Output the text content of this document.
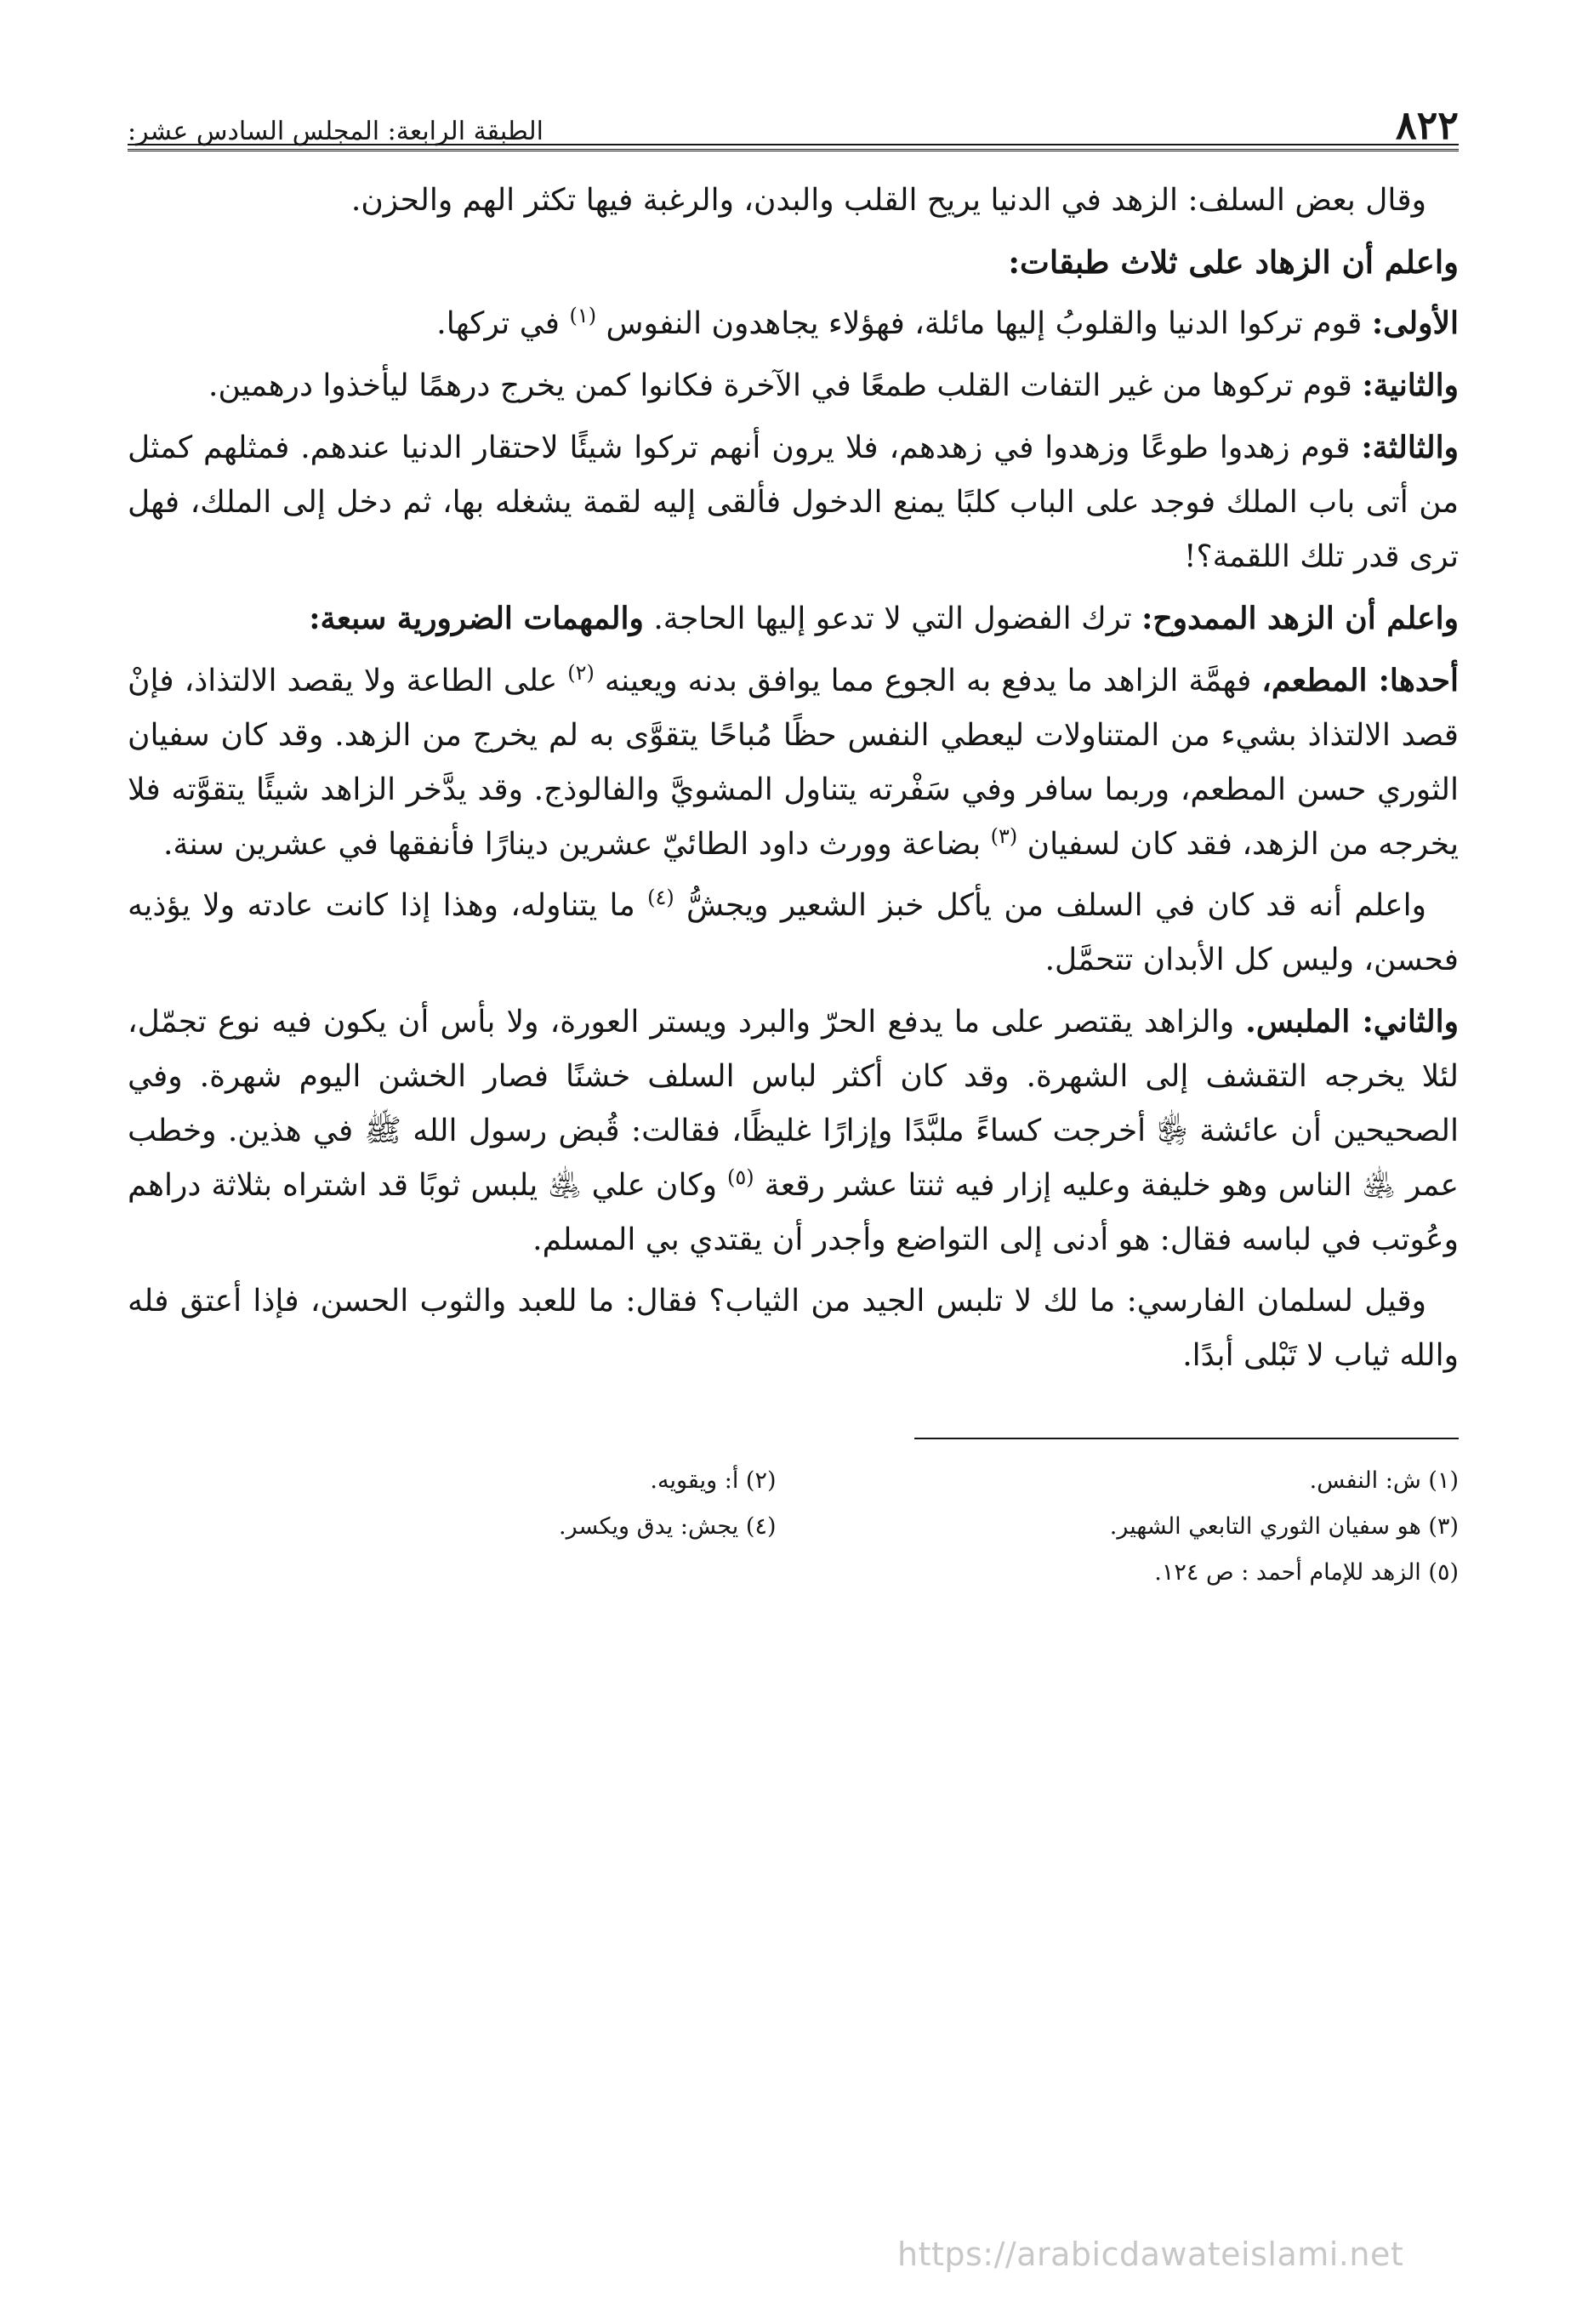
٨٢٢
الطبقة الرابعة: المجلس السادس عشر:

وقال بعض السلف: الزهد في الدنيا يريح القلب والبدن، والرغبة فيها تكثر الهم والحزن.

واعلم أن الزهاد على ثلاث طبقات:

الأولى: قوم تركوا الدنيا والقلوبُ إليها مائلة، فهؤلاء يجاهدون النفوس $^{(١)}$ في تركها.

والثانية: قوم تركوها من غير التفات القلب طمعًا في الآخرة فكانوا كمن يخرج درهمًا ليأخذوا درهمين.

والثالثة: قوم زهدوا طوعًا وزهدوا في زهدهم، فلا يرون أنهم تركوا شيئًا لاحتقار الدنيا عندهم. فمثلهم كمثل من أتى باب الملك فوجد على الباب كلبًا يمنع الدخول فألقى إليه لقمة يشغله بها، ثم دخل إلى الملك، فهل ترى قدر تلك اللقمة؟!

واعلم أن الزهد الممدوح: ترك الفضول التي لا تدعو إليها الحاجة. والمهمات الضرورية سبعة:

أحدها: المطعم، فهمَّة الزاهد ما يدفع به الجوع مما يوافق بدنه ويعينه $^{(٢)}$ على الطاعة ولا يقصد الالتذاذ، فإنْ قصد الالتذاذ بشيء من المتناولات ليعطي النفس حظًا مُباحًا يتقوَّى به لم يخرج من الزهد. وقد كان سفيان الثوري حسن المطعم، وربما سافر وفي سَفْرته يتناول المشويَّ والفالوذج. وقد يدَّخر الزاهد شيئًا يتقوَّته فلا يخرجه من الزهد، فقد كان لسفيان $^{(٣)}$ بضاعة وورث داود الطائيّ عشرين دينارًا فأنفقها في عشرين سنة.

واعلم أنه قد كان في السلف من يأكل خبز الشعير ويجشُّ $^{(٤)}$ ما يتناوله، وهذا إذا كانت عادته ولا يؤذيه فحسن، وليس كل الأبدان تتحمَّل.

والثاني: الملبس. والزاهد يقتصر على ما يدفع الحرّ والبرد ويستر العورة، ولا بأس أن يكون فيه نوع تجمّل، لئلا يخرجه التقشف إلى الشهرة. وقد كان أكثر لباس السلف خشنًا فصار الخشن اليوم شهرة. وفي الصحيحين أن عائشة ﵂ أخرجت كساءً ملبَّدًا وإزارًا غليظًا، فقالت: قُبض رسول الله ﷺ في هذين. وخطب عمر ﵁ الناس وهو خليفة وعليه إزار فيه ثنتا عشر رقعة $^{(٥)}$ وكان علي ﵁ يلبس ثوبًا قد اشتراه بثلاثة دراهم وعُوتب في لباسه فقال: هو أدنى إلى التواضع وأجدر أن يقتدي بي المسلم.

وقيل لسلمان الفارسي: ما لك لا تلبس الجيد من الثياب؟ فقال: ما للعبد والثوب الحسن، فإذا أعتق فله والله ثياب لا تَبْلى أبدًا.

(١) ش: النفس.
(٢) أ: ويقويه.
(٣) هو سفيان الثوري التابعي الشهير.
(٤) يجش: يدق ويكسر.
(٥) الزهد للإمام أحمد : ص ١٢٤.
https://arabicdawateislami.net
